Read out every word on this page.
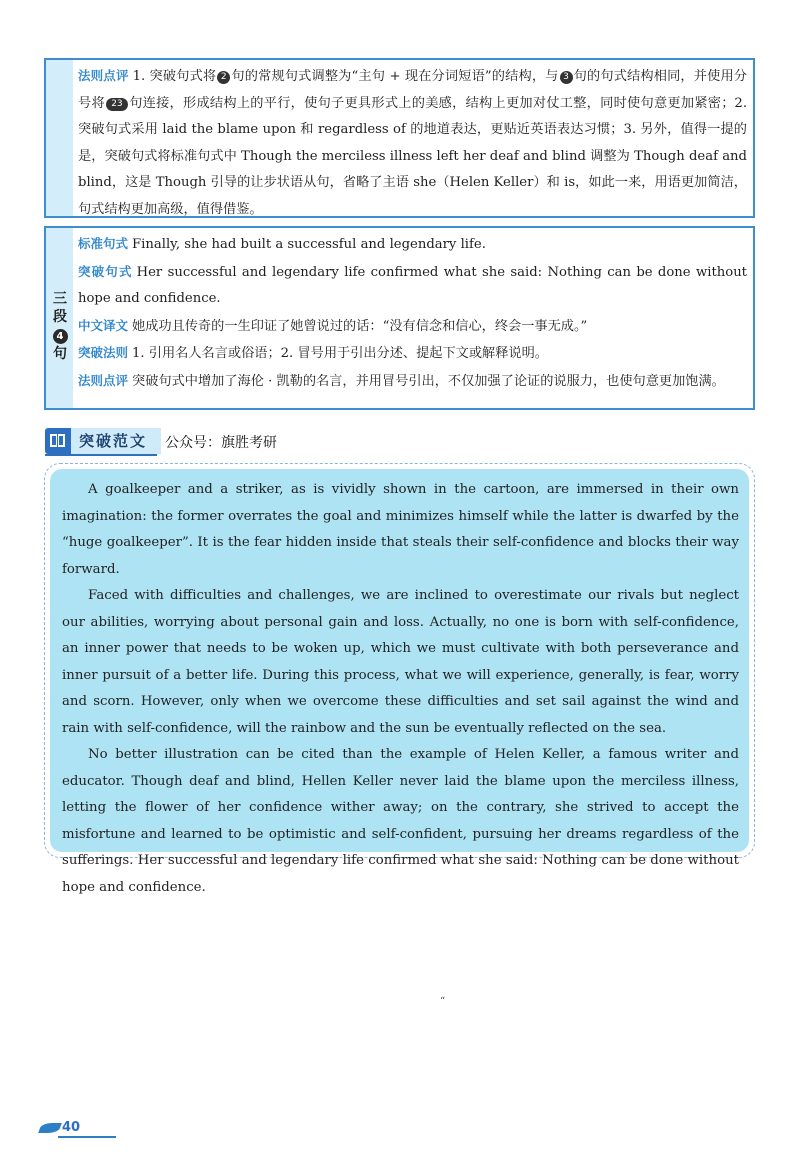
法则点评 1. 突破句式将 2 句的常规句式调整为“主句 + 现在分词短语”的结构，与 3 句的句式结构相同，并使用分号将 23 句连接，形成结构上的平行，使句子更具形式上的美感，结构上更加对仗工整，同时使句意更加紧密；2. 突破句式采用 laid the blame upon 和 regardless of 的地道表达，更贴近英语表达习惯；3. 另外，值得一提的是，突破句式将标准句式中 Though the merciless illness left her deaf and blind 调整为 Though deaf and blind，这是 Though 引导的让步状语从句，省略了主语 she（Helen Keller）和 is，如此一来，用语更加简洁，句式结构更加高级，值得借鉴。

三
段
4
句

标准句式 Finally, she had built a successful and legendary life.

突破句式 Her successful and legendary life confirmed what she said: Nothing can be done without hope and confidence.

中文译文 她成功且传奇的一生印证了她曾说过的话：“没有信念和信心，终会一事无成。”

突破法则 1. 引用名人名言或俗语；2. 冒号用于引出分述、提起下文或解释说明。

法则点评 突破句式中增加了海伦 · 凯勒的名言，并用冒号引出，不仅加强了论证的说服力，也使句意更加饱满。

突破范文	公众号：旗胜考研

A goalkeeper and a striker, as is vividly shown in the cartoon, are immersed in their own imagination: the former overrates the goal and minimizes himself while the latter is dwarfed by the “huge goalkeeper”. It is the fear hidden inside that steals their self-confidence and blocks their way forward.

Faced with difficulties and challenges, we are inclined to overestimate our rivals but neglect our abilities, worrying about personal gain and loss. Actually, no one is born with self-confidence, an inner power that needs to be woken up, which we must cultivate with both perseverance and inner pursuit of a better life. During this process, what we will experience, generally, is fear, worry and scorn. However, only when we overcome these difficulties and set sail against the wind and rain with self-confidence, will the rainbow and the sun be eventually reflected on the sea.

No better illustration can be cited than the example of Helen Keller, a famous writer and educator. Though deaf and blind, Hellen Keller never laid the blame upon the merciless illness, letting the flower of her confidence wither away; on the contrary, she strived to accept the misfortune and learned to be optimistic and self-confident, pursuing her dreams regardless of the sufferings. Her successful and legendary life confirmed what she said: Nothing can be done without hope and confidence.

“
40
